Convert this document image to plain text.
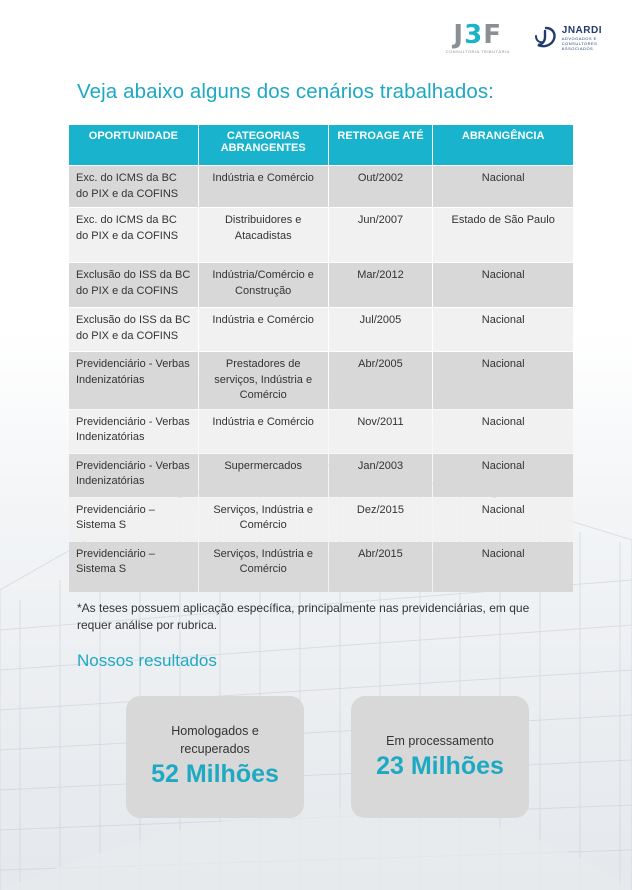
J3F
CONSULTORIA TRIBUTÁRIA
JNARDI
ADVOGADOS E
CONSULTORES
ASSOCIADOS
Veja abaixo alguns dos cenários trabalhados:
OPORTUNIDADE	CATEGORIAS ABRANGENTES	RETROAGE ATÉ	ABRANGÊNCIA
Exc. do ICMS da BC do PIX e da COFINS	Indústria e Comércio	Out/2002	Nacional
Exc. do ICMS da BC do PIX e da COFINS	Distribuidores e Atacadistas	Jun/2007	Estado de São Paulo
Exclusão do ISS da BC do PIX e da COFINS	Indústria/Comércio e Construção	Mar/2012	Nacional
Exclusão do ISS da BC do PIX e da COFINS	Indústria e Comércio	Jul/2005	Nacional
Previdenciário - Verbas Indenizatórias	Prestadores de serviços, Indústria e Comércio	Abr/2005	Nacional
Previdenciário - Verbas Indenizatórias	Indústria e Comércio	Nov/2011	Nacional
Previdenciário - Verbas Indenizatórias	Supermercados	Jan/2003	Nacional
Previdenciário – Sistema S	Serviços, Indústria e Comércio	Dez/2015	Nacional
Previdenciário – Sistema S	Serviços, Indústria e Comércio	Abr/2015	Nacional

*As teses possuem aplicação específica, principalmente nas previdenciárias, em que requer análise por rubrica.

Nossos resultados
Homologados e recuperados
52 Milhões
Em processamento
23 Milhões
